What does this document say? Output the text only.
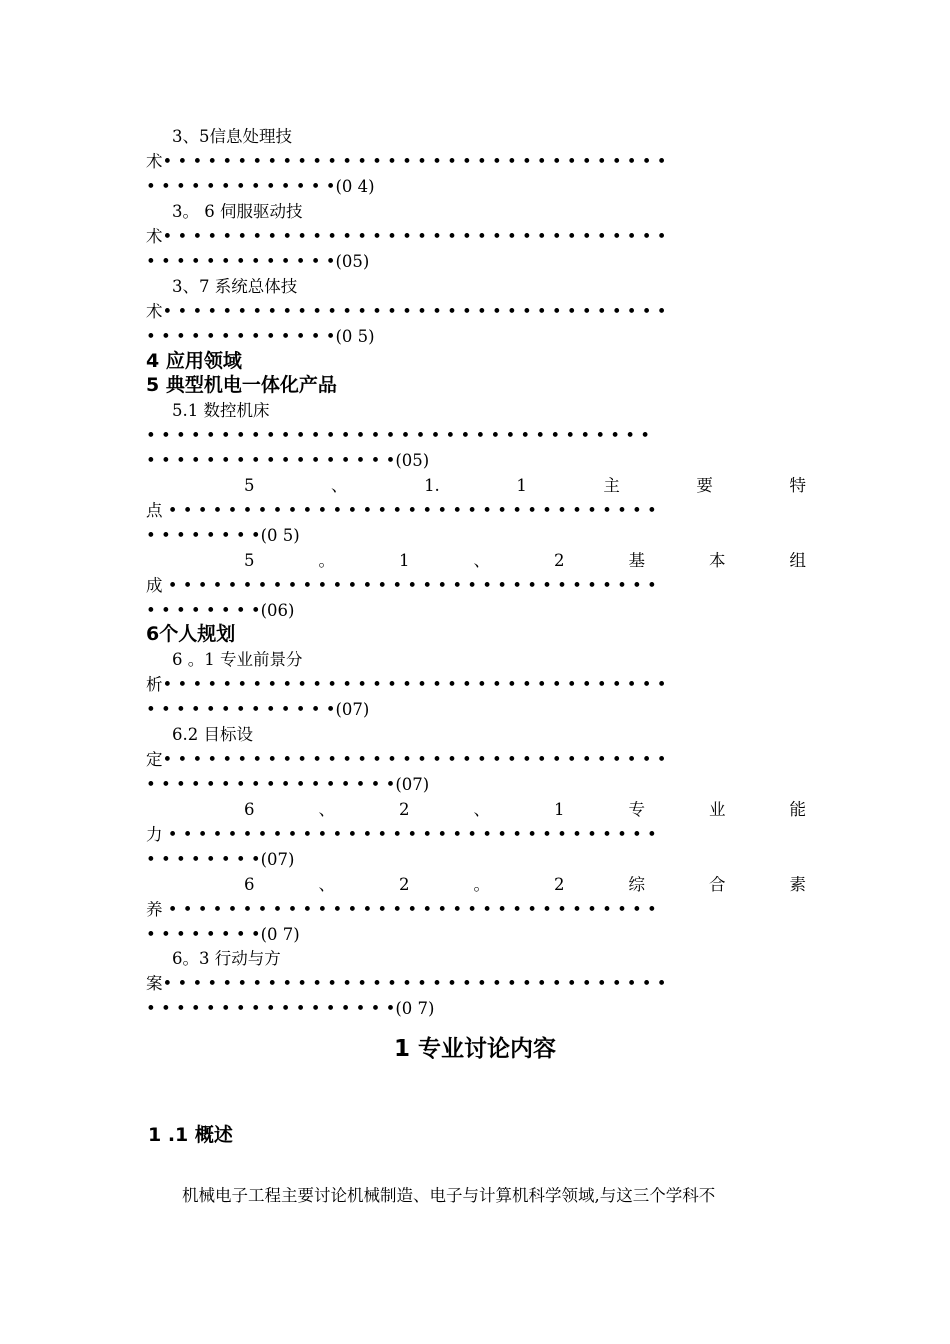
3、5信息处理技
术• • • • • • • • • • • • • • • • • • • • • • • • • • • • • • • • • •
• • • • • • • • • • • • •(0 4)
3。 6 伺服驱动技
术• • • • • • • • • • • • • • • • • • • • • • • • • • • • • • • • • •
• • • • • • • • • • • • •(05)
3、7 系统总体技
术• • • • • • • • • • • • • • • • • • • • • • • • • • • • • • • • • •
• • • • • • • • • • • • •(0 5)
4 应用领域
5 典型机电一体化产品
5.1 数控机床
• • • • • • • • • • • • • • • • • • • • • • • • • • • • • • • • • •
• • • • • • • • • • • • • • • • •(05)
5	、	1.	1	主	要	特
点 • • • • • • • • • • • • • • • • • • • • • • • • • • • • • • • • •
• • • • • • • •(0 5)
5	。	1	、	2	基	本	组
成 • • • • • • • • • • • • • • • • • • • • • • • • • • • • • • • • •
• • • • • • • •(06)
6个人规划
6 。1 专业前景分
析• • • • • • • • • • • • • • • • • • • • • • • • • • • • • • • • • •
• • • • • • • • • • • • •(07)
6.2 目标设
定• • • • • • • • • • • • • • • • • • • • • • • • • • • • • • • • • •
• • • • • • • • • • • • • • • • •(07)
6	、	2	、	1	专	业	能
力 • • • • • • • • • • • • • • • • • • • • • • • • • • • • • • • • •
• • • • • • • •(07)
6	、	2	。	2	综	合	素
养 • • • • • • • • • • • • • • • • • • • • • • • • • • • • • • • • •
• • • • • • • •(0 7)
6。3 行动与方
案• • • • • • • • • • • • • • • • • • • • • • • • • • • • • • • • • •
• • • • • • • • • • • • • • • • •(0 7)
1 专业讨论内容
1 .1 概述
机械电子工程主要讨论机械制造、电子与计算机科学领域,与这三个学科不
